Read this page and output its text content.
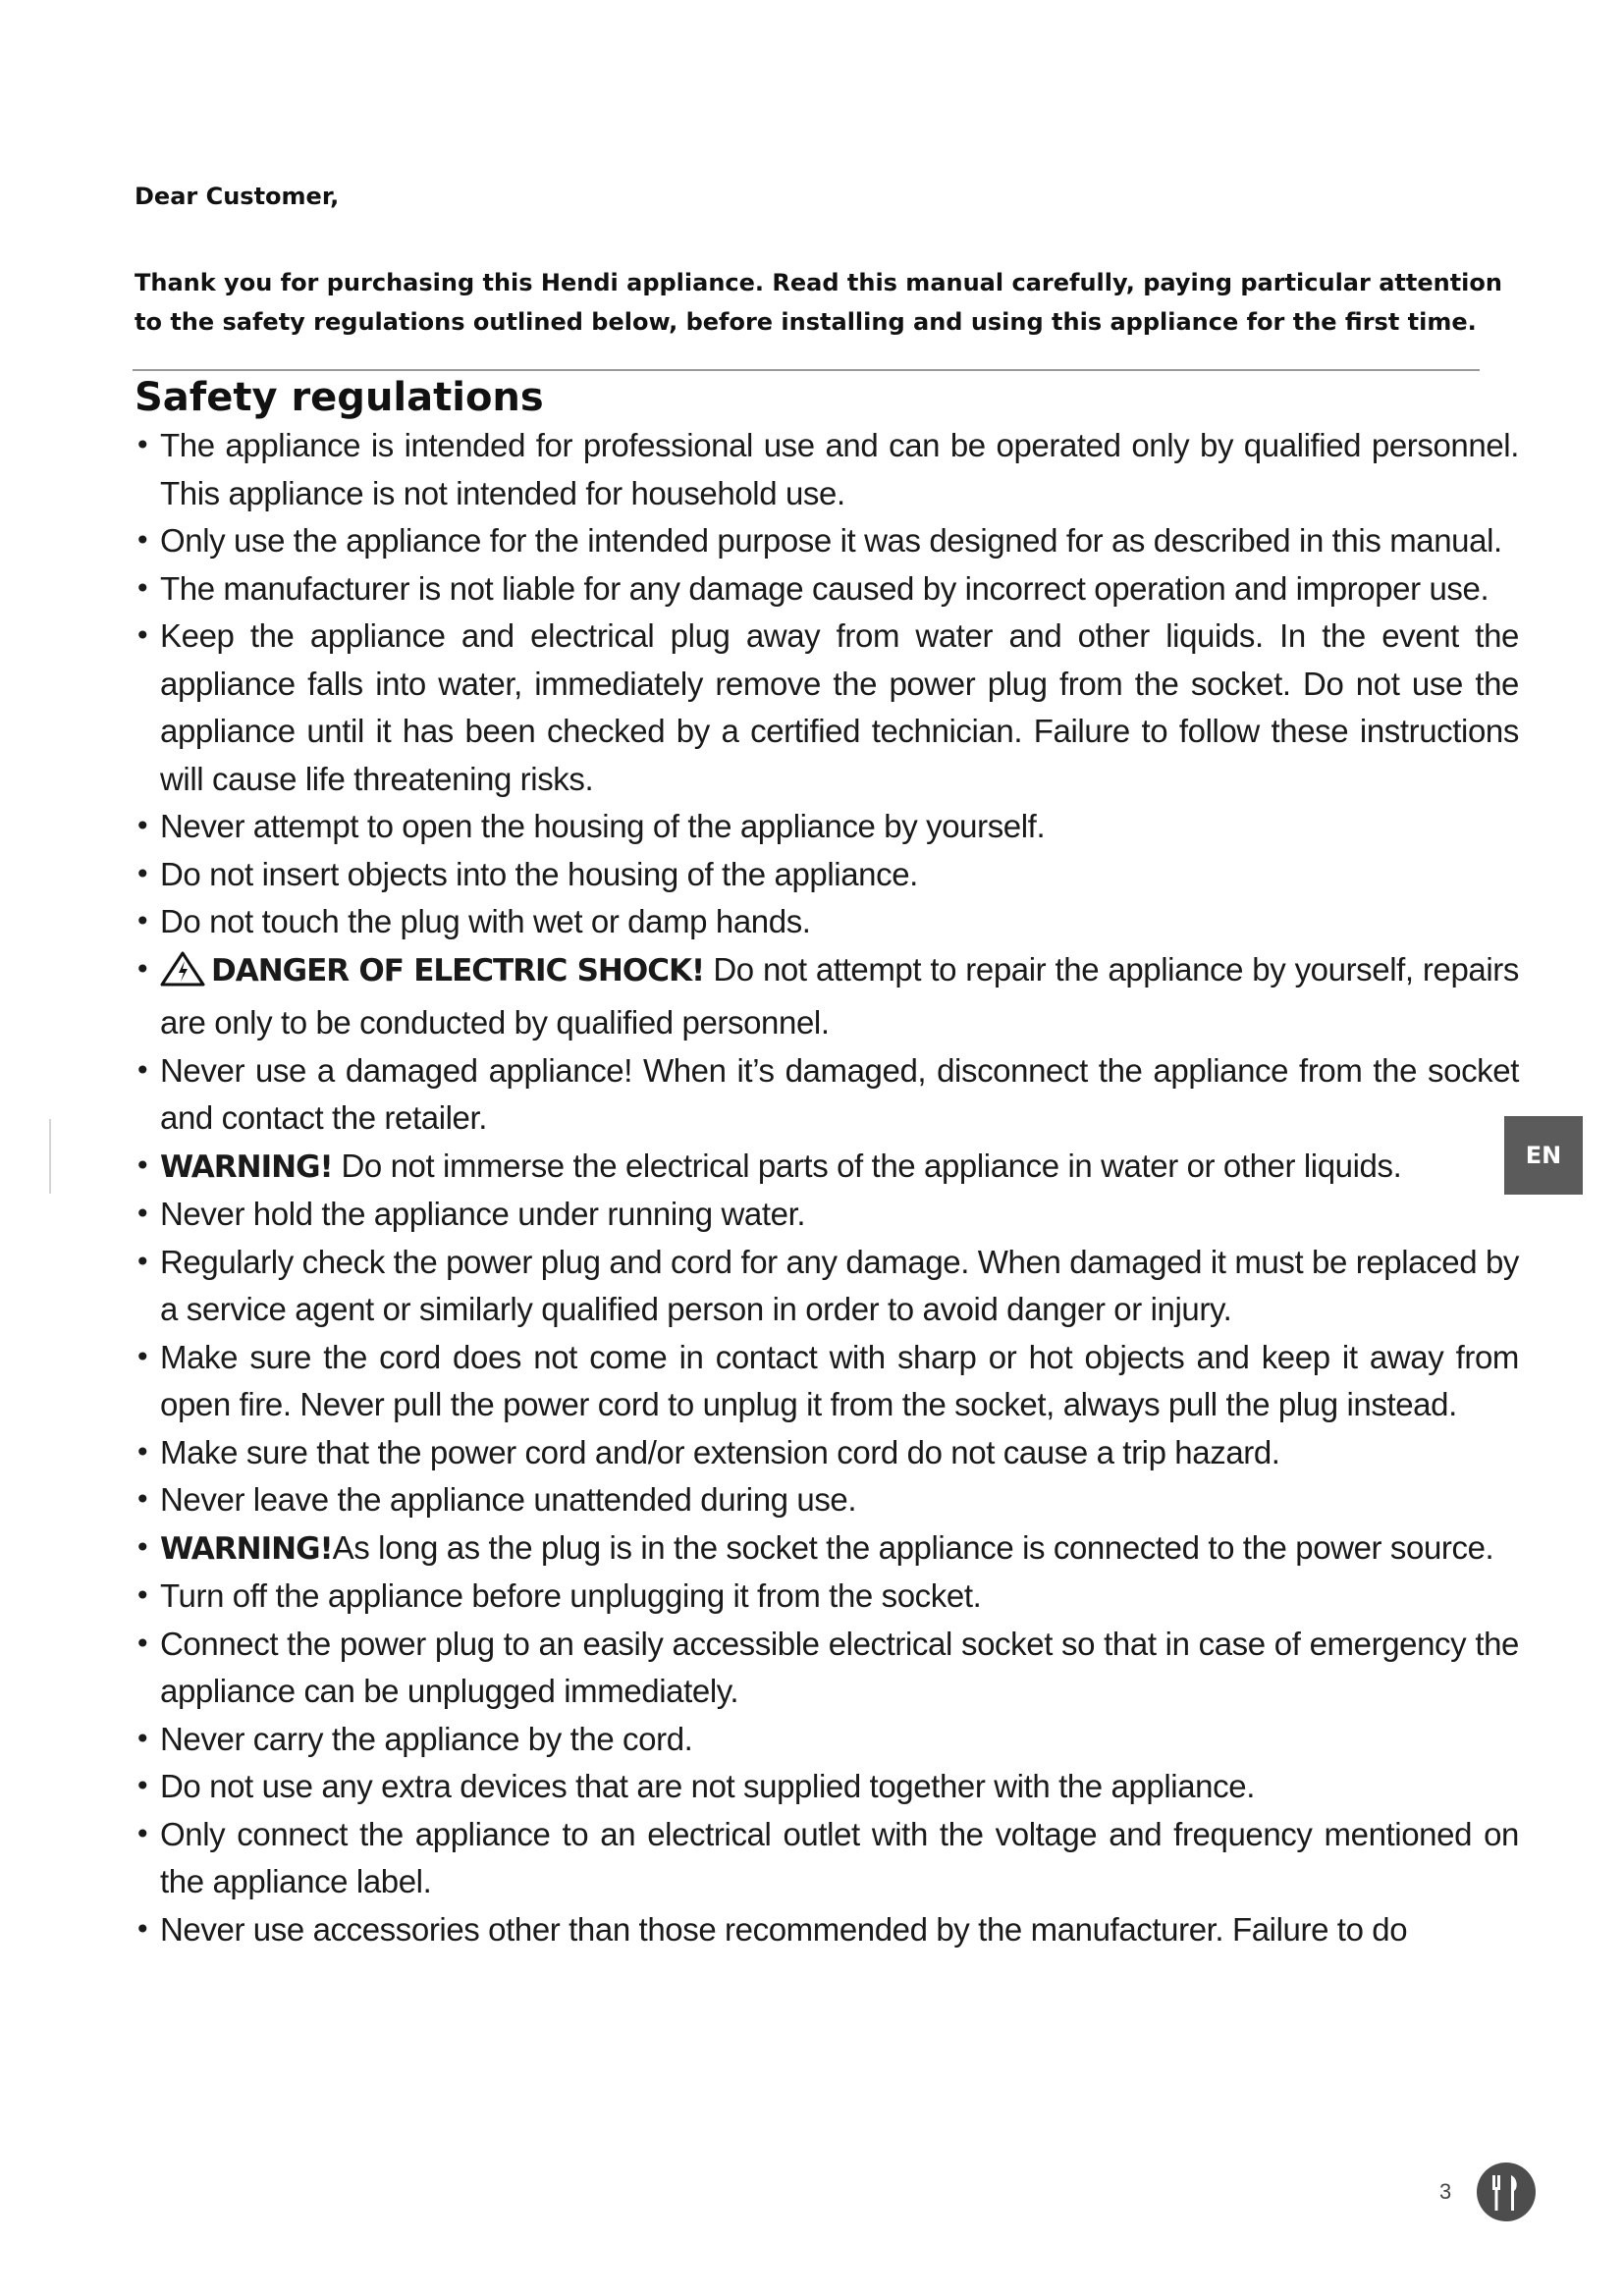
Dear Customer,
Thank you for purchasing this Hendi appliance. Read this manual carefully, paying particular attention to the safety regulations outlined below, before installing and using this appliance for the first time.
Safety regulations
• The appliance is intended for professional use and can be operated only by qualified personnel. This appliance is not intended for household use.
• Only use the appliance for the intended purpose it was designed for as described in this manual.
• The manufacturer is not liable for any damage caused by incorrect operation and improper use.
• Keep the appliance and electrical plug away from water and other liquids. In the event the appliance falls into water, immediately remove the power plug from the socket. Do not use the appliance until it has been checked by a certified technician. Failure to follow these instructions will cause life threatening risks.
• Never attempt to open the housing of the appliance by yourself.
• Do not insert objects into the housing of the appliance.
• Do not touch the plug with wet or damp hands.
•	DANGER OF ELECTRIC SHOCK! Do not attempt to repair the appliance by yourself, repairs are only to be conducted by qualified personnel.
• Never use a damaged appliance! When it’s damaged, disconnect the appliance from the socket and contact the retailer.
• WARNING! Do not immerse the electrical parts of the appliance in water or other liquids.
• Never hold the appliance under running water.
• Regularly check the power plug and cord for any damage. When damaged it must be replaced by a service agent or similarly qualified person in order to avoid danger or injury.
• Make sure the cord does not come in contact with sharp or hot objects and keep it away from open fire. Never pull the power cord to unplug it from the socket, always pull the plug instead.
• Make sure that the power cord and/or extension cord do not cause a trip hazard.
• Never leave the appliance unattended during use.
• WARNING!As long as the plug is in the socket the appliance is connected to the power source.
• Turn off the appliance before unplugging it from the socket.
• Connect the power plug to an easily accessible electrical socket so that in case of emergency the appliance can be unplugged immediately.
• Never carry the appliance by the cord.
• Do not use any extra devices that are not supplied together with the appliance.
• Only connect the appliance to an electrical outlet with the voltage and frequency mentioned on the appliance label.
• Never use accessories other than those recommended by the manufacturer. Failure to do
EN
3
